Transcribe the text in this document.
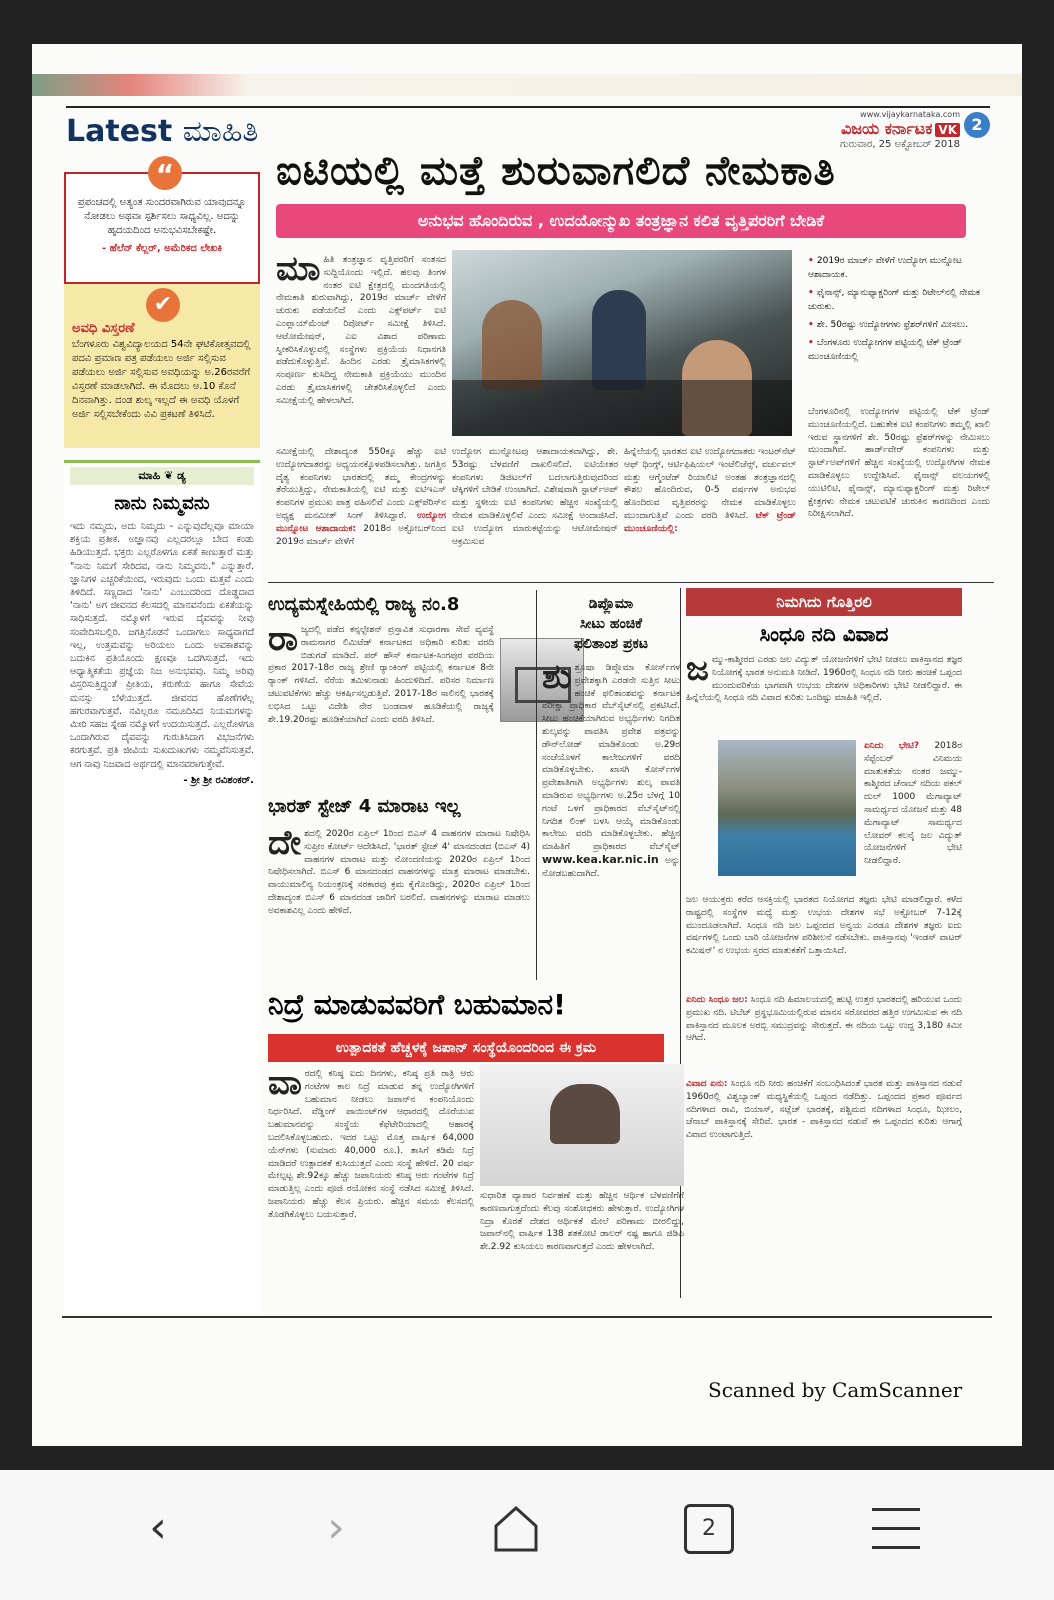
Latest ಮಾಹಿತಿ	www.vijaykarnataka.com
ವಿಜಯ ಕರ್ನಾಟಕ VK
ಗುರುವಾರ, 25 ಅಕ್ಟೋಬರ್ 2018
2
“
ಪ್ರಪಂಚದಲ್ಲಿ ಅತ್ಯಂತ ಸುಂದರವಾಗಿರುವ ಯಾವುದನ್ನೂ ನೋಡಲು ಅಥವಾ ಸ್ಪರ್ಶಿಸಲು ಸಾಧ್ಯವಿಲ್ಲ. ಅದನ್ನು ಹೃದಯದಿಂದ ಅನುಭವಿಸಬೇಕಷ್ಟೇ.
- ಹೆಲೆನ್ ಕೆಲ್ಲರ್, ಅಮೆರಿಕದ ಲೇಖಕಿ
✔
ಅವಧಿ ವಿಸ್ತರಣೆ
ಬೆಂಗಳೂರು ವಿಶ್ವವಿದ್ಯಾಲಯದ 54ನೇ ಘಟಿಕೋತ್ಸವದಲ್ಲಿ ಪದವಿ ಪ್ರಮಾಣ ಪತ್ರ ಪಡೆಯಲು ಅರ್ಜಿ ಸಲ್ಲಿಸುವ ಪಡೆಯಲು ಅರ್ಜಿ ಸಲ್ಲಿಸುವ ಅವಧಿಯನ್ನು ಅ.26ರವರೆಗೆ ವಿಸ್ತರಣೆ ಮಾಡಲಾಗಿದೆ. ಈ ಮೊದಲು ಅ.10 ಕೊನೆ ದಿನವಾಗಿತ್ತು. ದಂಡ ಶುಲ್ಕ ಇಲ್ಲದೆ ಈ ಅವಧಿ ಯೊಳಗೆ ಅರ್ಜಿ ಸಲ್ಲಿಸಬೇಕೆಂದು ವಿವಿ ಪ್ರಕಟಣೆ ತಿಳಿಸಿದೆ.
ಮಾಹಿ ❦ ಡ್ಯ
ನಾನು ನಿಮ್ಮವನು

ಇದು ನಮ್ಮದು, ಅದು ನಿಮ್ಮದು - ಎನ್ನುವುದೆಲ್ಲವೂ ಮಾಯಾ ಶಕ್ತಿಯ ಪ್ರತೀಕ. ಅಜ್ಞಾನವು ಎಲ್ಲದರಲ್ಲೂ ಬೇದ ಕಂಡು ಹಿಡಿಯುತ್ತದೆ. ಭಕ್ತರು ಎಲ್ಲರೊಳಗೂ ಏಕತೆ ಕಾಣುತ್ತಾರೆ ಮತ್ತು "ನಾನು ನಿಮಗೆ ಸೇರಿದವ, ನಾನು ನಿಮ್ಮವನು." ಎನ್ನುತ್ತಾರೆ. ಜ್ಞಾನಿಗಳ ಎಚ್ಚರಿಕೆಯಿಂದ, ಇರುವುದು ಒಂದು ಮತ್ತವೆ ಎಂದು ತಿಳಿದಿದೆ. ಸಣ್ಣದಾದ 'ನಾನು' ಎಂಬುದರಿಂದ ದೊಡ್ಡದಾದ 'ನಾನು' ಅಗ ಜೀವನದ ಕೆಲಸದಲ್ಲಿ ಮಾನವನೆಂದು ಏಕತೆಯನ್ನು ಸಾಧಿಸುತ್ತದೆ. ನಮ್ಮೊಳಗೆ ಇರುವ ದೈವವನ್ನು ನೀವು ಸಂವೇದಿಸಬಲ್ಲಿರಿ. ಜಗತ್ತಿನೊಡನೆ ಒಂದಾಗಲು ಸಾಧ್ಯವಾಗದೆ ಇಲ್ಲ, ಉತ್ತಮವನ್ನು ಅರಿಯಲು ಒಂದು ಅವಕಾಶವನ್ನು ಬದುಕಿನ ಪ್ರತಿಯೊಂದು ಕ್ಷಣವೂ ಒದಗಿಸುತ್ತದೆ. ಇದು ಆಧ್ಯಾತ್ಮಿಕತೆಯ ಪ್ರಜ್ಞೆಯ ನಿಜ ಅನುಭವವು. ನಿಮ್ಮ ಅರಿವು ವಿಸ್ತರಿಸುತ್ತಿದ್ದಂತೆ ಪ್ರೀತಿಯ, ಕರುಣೆಯ ಹಾಗೂ ಸೇವೆಯ ಮನಸ್ಸು ಬೆಳೆಯುತ್ತದೆ. ಜೀವನದ ಹೊಣೆಗಳೆಲ್ಲ ಹಗುರವಾಗುತ್ತವೆ. ನವಿಲ್ಲರೂ ನಮೂದಿಸಿದ ನಿಯಮಗಳನ್ನು ಮೀರಿ ಸಹಜ ಸ್ನೇಹ ನಮ್ಮೊಳಗೆ ಉದಯಿಸುತ್ತದೆ. ಎಲ್ಲರೊಳಗೂ ಒಂದಾಗಿರುವ ದೈವವನ್ನು ಗುರುತಿಸಿದಾಗ ವಿಭಜನೆಗಳು ಕರಗುತ್ತವೆ. ಪ್ರತಿ ಜೀವಿಯ ಸುಖದುಃಖಗಳು ನಮ್ಮವೆನಿಸುತ್ತವೆ. ಆಗ ನಾವು ನಿಜವಾದ ಅರ್ಥದಲ್ಲಿ ಮಾನವರಾಗುತ್ತೇವೆ.

- ಶ್ರೀ ಶ್ರೀ ರವಿಶಂಕರ್.
ಐಟಿಯಲ್ಲಿ ಮತ್ತೆ ಶುರುವಾಗಲಿದೆ ನೇಮಕಾತಿ
ಅನುಭವ ಹೊಂದಿರುವ , ಉದಯೋನ್ಮುಖ ತಂತ್ರಜ್ಞಾನ ಕಲಿತ ವೃತ್ತಿಪರರಿಗೆ ಬೇಡಿಕೆ
ಮಾಹಿತಿ ತಂತ್ರಜ್ಞಾನ ವೃತ್ತಿಪರರಿಗೆ ಸಂತಸದ ಸುದ್ದಿಯೊಂದು ಇಲ್ಲಿದೆ. ಹಲವು ತಿಂಗಳ ನಂತರ ಐಟಿ ಕ್ಷೇತ್ರದಲ್ಲಿ ಮಂದಗತಿಯಲ್ಲಿ ನೇಮಕಾತಿ ಶುರುವಾಗಿದ್ದು, 2019ರ ಮಾರ್ಚ್ ವೇಳೆಗೆ ಚುರುಕು ಪಡೆಯಲಿದೆ ಎಂದು ಎಕ್ಸ್‌ಪರ್ಟ್ ಐಟಿ ಎಂಪ್ಲಾಯ್‌ಮೆಂಟ್ ರಿಪೋರ್ಟ್ ಸಮೀಕ್ಷೆ ತಿಳಿಸಿದೆ. ಆಟೋಮೇಷನ್, ಎಐ ವಿಶಾದ ಪರಿಣಾಮ ಸ್ವೀಕರಿಸಿಕೊಳ್ಳುವಲ್ಲಿ ಸಂಸ್ಥೆಗಳು ಪ್ರಕ್ರಿಯೆಯ ನಿಧಾನಗತಿ ಪಡೆದುಕೊಳ್ಳುತ್ತಿವೆ. ಹಿಂದಿನ ಎರಡು ತ್ರೈಮಾಸಿಕಗಳಲ್ಲಿ ಸಂಪೂರ್ಣ ಕುಸಿದಿದ್ದ ನೇಮಕಾತಿ ಪ್ರಕ್ರಿಯೆಯು ಮುಂದಿನ ಎರಡು ತ್ರೈಮಾಸಿಕಗಳಲ್ಲಿ ಚೇತರಿಸಿಕೊಳ್ಳಲಿದೆ ಎಂದು ಸಮೀಕ್ಷೆಯಲ್ಲಿ ಹೇಳಲಾಗಿದೆ.
• 2019ರ ಮಾರ್ಚ್ ವೇಳೆಗೆ ಉದ್ಯೋಗ ಮುನ್ನೋಟ ಆಶಾದಾಯಕ.
• ಫೈನಾನ್ಸ್, ಮ್ಯಾನುಫ್ಯಾಕ್ಚರಿಂಗ್ ಮತ್ತು ರಿಟೇಲ್‌ನಲ್ಲಿ ನೇಮಕ ಚುರುಕು.
• ಶೇ. 50ರಷ್ಟು ಉದ್ಯೋಗಗಳು ಫ್ರೆಶರ್‌ಗಳಿಗೆ ಮೀಸಲು.
• ಬೆಂಗಳೂರು ಉದ್ಯೋಗಗಳ ಪಟ್ಟಿಯಲ್ಲಿ ಟೆಕ್ ಟ್ರೆಂಡ್ ಮುಂಚೂಣಿಯಲ್ಲಿ
ಸಮೀಕ್ಷೆಯಲ್ಲಿ ದೇಶಾದ್ಯಂತ 550ಕ್ಕೂ ಹೆಚ್ಚು ಐಟಿ ಉದ್ಯೋಗದಾತರನ್ನು ಅಧ್ಯಯನಕ್ಕೊಳಪಡಿಸಲಾಗಿತ್ತು. ಜಗತ್ತಿನ ದೈತ್ಯ ಕಂಪನಿಗಳು ಭಾರತದಲ್ಲಿ ತಮ್ಮ ಕೇಂದ್ರಗಳನ್ನು ತೆರೆಯುತ್ತಿದ್ದು, ನೇಮಕಾತಿಯಲ್ಲಿ ಐಟಿ ಮತ್ತು ಐಟಿಇಎಸ್ ಕಂಪನಿಗಳ ಪ್ರಮುಖ ಪಾತ್ರ ವಹಿಸಲಿವೆ ಎಂದು ಎಕ್ಸ್‌ಪೆರಿಸ್‌ನ ಅಧ್ಯಕ್ಷ ಮನಮೀತ್ ಸಿಂಗ್ ತಿಳಿಸಿದ್ದಾರೆ. ಉದ್ಯೋಗ ಮುನ್ನೋಟ ಆಶಾದಾಯಕ: 2018ರ ಅಕ್ಟೋಬರ್‌ನಿಂದ 2019ರ ಮಾರ್ಚ್ ವೇಳೆಗೆ
ಉದ್ಯೋಗ ಮುನ್ನೋಟವು ಆಶಾದಾಯಕವಾಗಿದ್ದು, ಶೇ. 53ರಷ್ಟು ಬೆಳವಣಿಗೆ ದಾಖಲಿಸಲಿದೆ. ಐಟಿಯೇತರ ಕಂಪನಿಗಳು ಡಿಜಿಟಲ್‌ಗೆ ಬದಲಾಗುತ್ತಿರುವುದರಿಂದ ಟೆಕ್ಕಿಗಳಿಗೆ ಬೇಡಿಕೆ ಉಂಟಾಗಿದೆ. ವಿಶೇಷವಾಗಿ ಸ್ಟಾರ್ಟ್‌ಅಪ್ ಮತ್ತು ಸ್ಥಳೀಯ ಐಟಿ ಕಂಪನಿಗಳು ಹೆಚ್ಚಿನ ಸಂಖ್ಯೆಯಲ್ಲಿ ನೇಮಕ ಮಾಡಿಕೊಳ್ಳಲಿವೆ ಎಂದು ಸಮೀಕ್ಷೆ ಅಂದಾಜಿಸಿದೆ. ಐಟಿ ಉದ್ಯೋಗ ಮಾರುಕಟ್ಟೆಯನ್ನು ಆಟೋಮೇಷನ್ ಆಕ್ರಮಿಸುವ
ಹಿನ್ನೆಲೆಯಲ್ಲಿ ಭಾರತದ ಐಟಿ ಉದ್ಯೋಗದಾತರು ಇಂಟರ್‌ನೆಟ್ ಆಫ್ ಥಿಂಗ್ಸ್, ಆರ್ಟಿಫಿಷಿಯಲ್ ಇಂಟೆಲಿಜೆನ್ಸ್, ವರ್ಚುವಲ್ ಮತ್ತು ಆಗ್ಮೆಂಟೆಡ್ ರಿಯಾಲಿಟಿ ಅಂತಹ ತಂತ್ರಜ್ಞಾನದಲ್ಲಿ ಕೌಶಲ ಹೊಂದಿರುವ, 0-5 ವರ್ಷಗಳ ಅನುಭವ ಹೊಂದಿರುವ ವೃತ್ತಿಪರರನ್ನು ನೇಮಕ ಮಾಡಿಕೊಳ್ಳಲು ಮುಂದಾಗುತ್ತಿವೆ ಎಂದು ವರದಿ ತಿಳಿಸಿದೆ. ಟೆಕ್ ಟ್ರೆಂಡ್ ಮುಂಚೂಣಿಯಲ್ಲಿ:
ಬೆಂಗಳೂರಿನಲ್ಲಿ ಉದ್ಯೋಗಗಳ ಪಟ್ಟಿಯಲ್ಲಿ ಟೆಕ್ ಟ್ರೆಂಡ್ ಮುಂಚೂಣಿಯಲ್ಲಿದೆ. ಬಹುತೇಕ ಐಟಿ ಕಂಪನಿಗಳು ತಮ್ಮಲ್ಲಿ ಖಾಲಿ ಇರುವ ಸ್ಥಾನಗಳಿಗೆ ಶೇ. 50ರಷ್ಟು ಫ್ರೆಶರ್‌ಗಳನ್ನು ನೇಮಿಸಲು ಮುಂದಾಗಿವೆ. ಹಾರ್ಡ್‌ವೇರ್ ಕಂಪನಿಗಳು ಮತ್ತು ಸ್ಟಾರ್ಟ್‌ಅಪ್‌ಗಳಿಗೆ ಹೆಚ್ಚಿನ ಸಂಖ್ಯೆಯಲ್ಲಿ ಉದ್ಯೋಗಿಗಳ ನೇಮಕ ಮಾಡಿಕೊಳ್ಳಲು ಉದ್ದೇಶಿಸಿವೆ. ಫೈನಾನ್ಸ್ ವಲಯಗಳಲ್ಲಿ ಯುಟಿಲಿಟಿ, ಫೈನಾನ್ಸ್, ಮ್ಯಾನುಫ್ಯಾಕ್ಚರಿಂಗ್ ಮತ್ತು ರಿಟೇಲ್ ಕ್ಷೇತ್ರಗಳು ನೇಮಕ ಚಟುವಟಿಕೆ ಚುರುಕಿನ ಕಾರಣದಿಂದ ಎಂದು ನಿರೀಕ್ಷಿಸಲಾಗಿದೆ.
ಉದ್ಯಮಸ್ನೇಹಿಯಲ್ಲಿ ರಾಜ್ಯ ನಂ.8
ರಾಜ್ಯದಲ್ಲಿ ಪಡೆದ ಕನ್ಸಲ್ಟೇಶನ್ ಪ್ರಸ್ತಾವಿತ ಸುಧಾರಣಾ ಸೇವೆ ವ್ಯವಸ್ಥೆ ರಾಮನಾಗರ ಲಿಮಿಟೆಡ್ ಕರ್ನಾಟಕದ ಅಧಿಕಾರಿ ಕುರಿತು ವರದಿ ಬಿಡುಗಡೆ ಮಾಡಿದೆ. ಪರ್ ಹೌಸ್ ಕರ್ನಾಟಕ-ಸಿಂಗಪುರ ವರದಿಯ ಪ್ರಕಾರ 2017-18ರ ರಾಜ್ಯ ಶ್ರೇಣಿ ರ‍್ಯಾಂಕಿಂಗ್ ಪಟ್ಟಿಯಲ್ಲಿ ಕರ್ನಾಟಕ 8ನೇ ರ‍್ಯಾಂಕ್ ಗಳಿಸಿದೆ. ನೆರೆಯ ತಮಿಳುನಾಡು ಹಿಂದುಳಿದಿದೆ. ಪರಿಸರ ನಿರ್ಮಾಣ ಚಟುವಟಿಕೆಗಳು ಹೆಚ್ಚು ಆಕರ್ಷಿಸಲ್ಪಡುತ್ತಿವೆ. 2017-18ರ ಸಾಲಿನಲ್ಲಿ ಭಾರತಕ್ಕೆ ಲಭಿಸಿದ ಒಟ್ಟು ವಿದೇಶಿ ನೇರ ಬಂಡವಾಳ ಹೂಡಿಕೆಯಲ್ಲಿ ರಾಜ್ಯಕ್ಕೆ ಶೇ.19.20ರಷ್ಟು ಹೂಡಿಕೆಯಾಗಿದೆ ಎಂದು ವರದಿ ತಿಳಿಸಿದೆ.
ಭಾರತ್ ಸ್ಟೇಜ್ 4 ಮಾರಾಟ ಇಲ್ಲ
ದೇಶದಲ್ಲಿ 2020ರ ಏಪ್ರಿಲ್ 1ರಿಂದ ಬಿಎಸ್ 4 ವಾಹನಗಳ ಮಾರಾಟ ನಿಷೇಧಿಸಿ ಸುಪ್ರೀಂ ಕೋರ್ಟ್ ಆದೇಶಿಸಿದೆ. 'ಭಾರತ್ ಸ್ಟೇಜ್ 4' ಮಾನದಂಡದ (ಬಿಎಸ್ 4) ವಾಹನಗಳ ಮಾರಾಟ ಮತ್ತು ನೋಂದಣಿಯನ್ನು 2020ರ ಏಪ್ರಿಲ್ 1ರಿಂದ ನಿಷೇಧಿಸಲಾಗಿದೆ. ಬಿಎಸ್ 6 ಮಾನದಂಡದ ವಾಹನಗಳನ್ನು ಮಾತ್ರ ಮಾರಾಟ ಮಾಡಬೇಕು. ವಾಯುಮಾಲಿನ್ಯ ನಿಯಂತ್ರಣಕ್ಕೆ ಸರಕಾರವು ಕ್ರಮ ಕೈಗೊಂಡಿದ್ದು, 2020ರ ಏಪ್ರಿಲ್ 1ರಿಂದ ದೇಶಾದ್ಯಂತ ಬಿಎಸ್ 6 ಮಾನದಂಡ ಜಾರಿಗೆ ಬರಲಿದೆ. ವಾಹನಗಳನ್ನು ಮಾರಾಟ ಮಾಡಲು ಅವಕಾಶವಿಲ್ಲ ಎಂದು ಹೇಳಿದೆ.
ಡಿಪ್ಲೊಮಾ
ಸೀಟು ಹಂಚಿಕೆ
ಫಲಿತಾಂಶ ಪ್ರಕಟ
ಶುಶ್ರೂಷಾ ಡಿಪ್ಲೊಮಾ ಕೋರ್ಸ್‌ಗಳ ಪ್ರವೇಶಕ್ಕಾಗಿ ಎರಡನೇ ಸುತ್ತಿನ ಸೀಟು ಹಂಚಿಕೆ ಫಲಿತಾಂಶವನ್ನು ಕರ್ನಾಟಕ ಪರೀಕ್ಷಾ ಪ್ರಾಧಿಕಾರ ವೆಬ್‌ಸೈಟ್‌ನಲ್ಲಿ ಪ್ರಕಟಿಸಿದೆ. ಸೀಟು ಹಂಚಿಕೆಯಾಗಿರುವ ಅಭ್ಯರ್ಥಿಗಳು ನಿಗದಿತ ಶುಲ್ಕವನ್ನು ಪಾವತಿಸಿ ಪ್ರವೇಶ ಪತ್ರವನ್ನು ಡೌನ್‌ಲೋಡ್ ಮಾಡಿಕೊಂಡು ಅ.29ರ ಸಂಜೆಯೊಳಗೆ ಕಾಲೇಜುಗಳಿಗೆ ವರದಿ ಮಾಡಿಕೊಳ್ಳಬೇಕು. ಖಾಸಗಿ ಕೋರ್ಸ್‌ಗಳ ಪ್ರವೇಶಾತಿಗಾಗಿ ಅಭ್ಯರ್ಥಿಗಳು ಶುಲ್ಕ ಪಾವತಿ ಮಾಡಿರುವ ಅಭ್ಯರ್ಥಿಗಳು ಅ.25ರ ಬೆಳಗ್ಗೆ 10 ಗಂಟೆ ಒಳಗೆ ಪ್ರಾಧಿಕಾರದ ವೆಬ್‌ಸೈಟ್‌ನಲ್ಲಿ ನಿಗದಿತ ಲಿಂಕ್ ಬಳಸಿ ಆಯ್ಕೆ ಮಾಡಿಕೊಂಡು ಕಾಲೇಜು ವರದಿ ಮಾಡಿಕೊಳ್ಳಬೇಕು. ಹೆಚ್ಚಿನ ಮಾಹಿತಿಗೆ ಪ್ರಾಧಿಕಾರದ ವೆಬ್‌ಸೈಟ್ www.kea.kar.nic.in ಅನ್ನು ನೋಡಬಹುದಾಗಿದೆ.
ನಿಮಗಿದು ಗೊತ್ತಿರಲಿ
ಸಿಂಧೂ ನದಿ ವಿವಾದ
ಜಮ್ಮು-ಕಾಶ್ಮೀರದ ಎರಡು ಜಲ ವಿದ್ಯುತ್ ಯೋಜನೆಗಳಿಗೆ ಭೇಟಿ ನೀಡಲು ಪಾಕಿಸ್ತಾನದ ತಜ್ಞರ ನಿಯೋಗಕ್ಕೆ ಭಾರತ ಅನುಮತಿ ನೀಡಿದೆ. 1960ರಲ್ಲಿ ಸಿಂಧೂ ನದಿ ನೀರು ಹಂಚಿಕೆ ಒಪ್ಪಂದ ಮುಂದುವರಿಕೆಯ ಭಾಗವಾಗಿ ಉಭಯ ದೇಶಗಳ ಅಧಿಕಾರಿಗಳು ಭೇಟಿ ನೀಡಲಿದ್ದಾರೆ. ಈ ಹಿನ್ನೆಲೆಯಲ್ಲಿ ಸಿಂಧೂ ನದಿ ವಿವಾದ ಕುರಿತು ಒಂದಿಷ್ಟು ಮಾಹಿತಿ ಇಲ್ಲಿದೆ.
ಏನಿದು ಭೇಟಿ? 2018ರ ಸೆಪ್ಟೆಂಬರ್ ವಿನಿಮಯ ಮಾತುಕತೆಯ ನಂತರ ಜಮ್ಮು-ಕಾಶ್ಮೀರದ ಚೆನಾಬ್ ನದಿಯ ಪಕಲ್ ದುಲ್ 1000 ಮೆಗಾವ್ಯಾಟ್ ಸಾಮರ್ಥ್ಯದ ಯೋಜನೆ ಮತ್ತು 48 ಮೆಗಾವ್ಯಾಟ್ ಸಾಮರ್ಥ್ಯದ ಲೋವರ್ ಕಲನೈ ಜಲ ವಿದ್ಯುತ್ ಯೋಜನೆಗಳಿಗೆ ಭೇಟಿ ನೀಡಲಿದ್ದಾರೆ.
ಜಲ ಆಯುಕ್ತರು ಕರೆದ ಆಸಕ್ತಿಯಲ್ಲಿ ಭಾರತದ ನಿಯೋಗದ ತಜ್ಞರು ಭೇಟಿ ಮಾಡಲಿದ್ದಾರೆ. ಕಳೆದ ರಾಷ್ಟ್ರದಲ್ಲಿ ಸಂಸ್ಥೆಗಳ ಮಧ್ಯೆ ಮತ್ತು ಉಭಯ ದೇಶಗಳ ಸಭೆ ಅಕ್ಟೋಬರ್ 7-12ಕ್ಕೆ ಮುಂದೂಡಲಾಗಿದೆ. ಸಿಂಧೂ ನದಿ ಜಲ ಒಪ್ಪಂದದ ಅನ್ವಯ ಎರಡೂ ದೇಶಗಳ ತಜ್ಞರು ಐದು ವರ್ಷಗಳಲ್ಲಿ ಒಂದು ಬಾರಿ ಯೋಜನೆಗಳ ಪರಿಶೀಲನೆ ನಡೆಸಬೇಕು. ಪಾಕಿಸ್ತಾನವು 'ಇಂಡಸ್ ವಾಟರ್ ಕಮಿಷನ್' ನ ಉಭಯ ಸ್ತರದ ಮಾತುಕತೆಗೆ ಒತ್ತಾಯಿಸಿದೆ.
ಏನಿದು ಸಿಂಧೂ ಜಲ: ಸಿಂಧೂ ನದಿ ಹಿಮಾಲಯದಲ್ಲಿ ಹುಟ್ಟಿ ಉತ್ತರ ಭಾರತದಲ್ಲಿ ಹರಿಯುವ ಒಂದು ಪ್ರಮುಖ ನದಿ. ಟಿಬೆಟ್ ಪ್ರಸ್ಥಭೂಮಿಯಲ್ಲಿರುವ ಮಾನಸ ಸರೋವರದ ಹತ್ತಿರ ಉಗಮಿಸುವ ಈ ನದಿ ಪಾಕಿಸ್ತಾನದ ಮೂಲಕ ಅರಬ್ಬಿ ಸಮುದ್ರವನ್ನು ಸೇರುತ್ತದೆ. ಈ ನದಿಯ ಒಟ್ಟು ಉದ್ದ 3,180 ಕಿಮೀ ಆಗಿದೆ.
ವಿವಾದ ಏನು: ಸಿಂಧೂ ನದಿ ನೀರು ಹಂಚಿಕೆಗೆ ಸಂಬಂಧಿಸಿದಂತೆ ಭಾರತ ಮತ್ತು ಪಾಕಿಸ್ತಾನದ ನಡುವೆ 1960ರಲ್ಲಿ ವಿಶ್ವಬ್ಯಾಂಕ್ ಮಧ್ಯಸ್ಥಿಕೆಯಲ್ಲಿ ಒಪ್ಪಂದ ನಡೆದಿತ್ತು. ಒಪ್ಪಂದದ ಪ್ರಕಾರ ಪೂರ್ವದ ನದಿಗಳಾದ ರಾವಿ, ಬಿಯಾಸ್, ಸಟ್ಲೆಜ್ ಭಾರತಕ್ಕೆ, ಪಶ್ಚಿಮದ ನದಿಗಳಾದ ಸಿಂಧೂ, ಝೀಲಂ, ಚೆನಾಬ್ ಪಾಕಿಸ್ತಾನಕ್ಕೆ ಸೇರಿವೆ. ಭಾರತ - ಪಾಕಿಸ್ತಾನದ ನಡುವೆ ಈ ಒಪ್ಪಂದದ ಕುರಿತು ಆಗಾಗ್ಗೆ ವಿವಾದ ಉಂಟಾಗುತ್ತಿದೆ.
ನಿದ್ರೆ ಮಾಡುವವರಿಗೆ ಬಹುಮಾನ!
ಉತ್ಪಾದಕತೆ ಹೆಚ್ಚಳಕ್ಕೆ ಜಪಾನ್ ಸಂಸ್ಥೆಯೊಂದರಿಂದ ಈ ಕ್ರಮ
ವಾರದಲ್ಲಿ ಕನಿಷ್ಠ ಐದು ದಿನಗಳು, ಕನಿಷ್ಠ ಪ್ರತಿ ರಾತ್ರಿ ಆರು ಗಂಟೆಗಳ ಕಾಲ ನಿದ್ರೆ ಮಾಡುವ ತನ್ನ ಉದ್ಯೋಗಿಗಳಿಗೆ ಬಹುಮಾನ ನೀಡಲು ಜಪಾನ್‌ನ ಕಂಪನಿಯೊಂದು ನಿರ್ಧರಿಸಿದೆ. ವೆಡ್ಡಿಂಗ್ ಪಾಯಿಂಟ್‌ಗಳ ಆಧಾರದಲ್ಲಿ ದೊರೆಯುವ ಬಹುಮಾನವನ್ನು ಸಂಸ್ಥೆಯ ಕೆಫೆಟೇರಿಯಾದಲ್ಲಿ ಆಹಾರಕ್ಕೆ ಬದಲಿಸಿಕೊಳ್ಳಬಹುದು. ಇದರ ಒಟ್ಟು ಮೊತ್ತ ವಾರ್ಷಿಕ 64,000 ಯೆನ್‌ಗಳು (ಸುಮಾರು 40,000 ರೂ.). ತಾಸಿಗೆ ಕಡಿಮೆ ನಿದ್ರೆ ಮಾಡಿದರೆ ಉತ್ಪಾದಕತೆ ಕುಸಿಯುತ್ತದೆ ಎಂದು ಸಂಸ್ಥೆ ಹೇಳಿದೆ. 20 ವರ್ಷ ಮೇಲ್ಪಟ್ಟ ಶೇ.92ಕ್ಕೂ ಹೆಚ್ಚು ಜಪಾನಿಯರು ಕನಿಷ್ಠ ಆರು ಗಂಟೆಗಳ ನಿದ್ರೆ ಮಾಡುತ್ತಿಲ್ಲ ಎಂದು ಪೂಜಿ ರಯೋಕನ ಸಂಸ್ಥೆ ನಡೆಸಿದ ಸಮೀಕ್ಷೆ ತಿಳಿಸಿದೆ. ಜಪಾನಿಯರು ಹೆಚ್ಚು ಕೆಲಸ ಪ್ರಿಯರು. ಹೆಚ್ಚಿನ ಸಮಯ ಕೆಲಸದಲ್ಲಿ ತೊಡಗಿಕೊಳ್ಳಲು ಬಯಸುತ್ತಾರೆ.
ಸುಧಾರಿತ ವ್ಯಾಪಾರ ನಿರ್ವಹಣೆ ಮತ್ತು ಹೆಚ್ಚಿನ ಆರ್ಥಿಕ ಬೆಳವಣಿಗೆಗೆ ಕಾರಣವಾಗುತ್ತದೆಂದು ಕೆಲವು ಸಂಶೋಧಕರು ಹೇಳುತ್ತಾರೆ. ಉದ್ಯೋಗಿಗಳ ನಿದ್ರಾ ಕೊರತೆ ದೇಶದ ಆರ್ಥಿಕತೆ ಮೇಲೆ ಪರಿಣಾಮ ಬೀರಲಿದ್ದು, ಜಪಾನ್‌ನಲ್ಲಿ ವಾರ್ಷಿಕ 138 ಶತಕೋಟಿ ಡಾಲರ್ ನಷ್ಟ ಹಾಗೂ ಜಿಡಿಪಿ ಶೇ.2.92 ಕುಸಿಯಲು ಕಾರಣವಾಗುತ್ತದೆ ಎಂದು ಹೇಳಲಾಗಿದೆ.
Scanned by CamScanner
‹	›	2
